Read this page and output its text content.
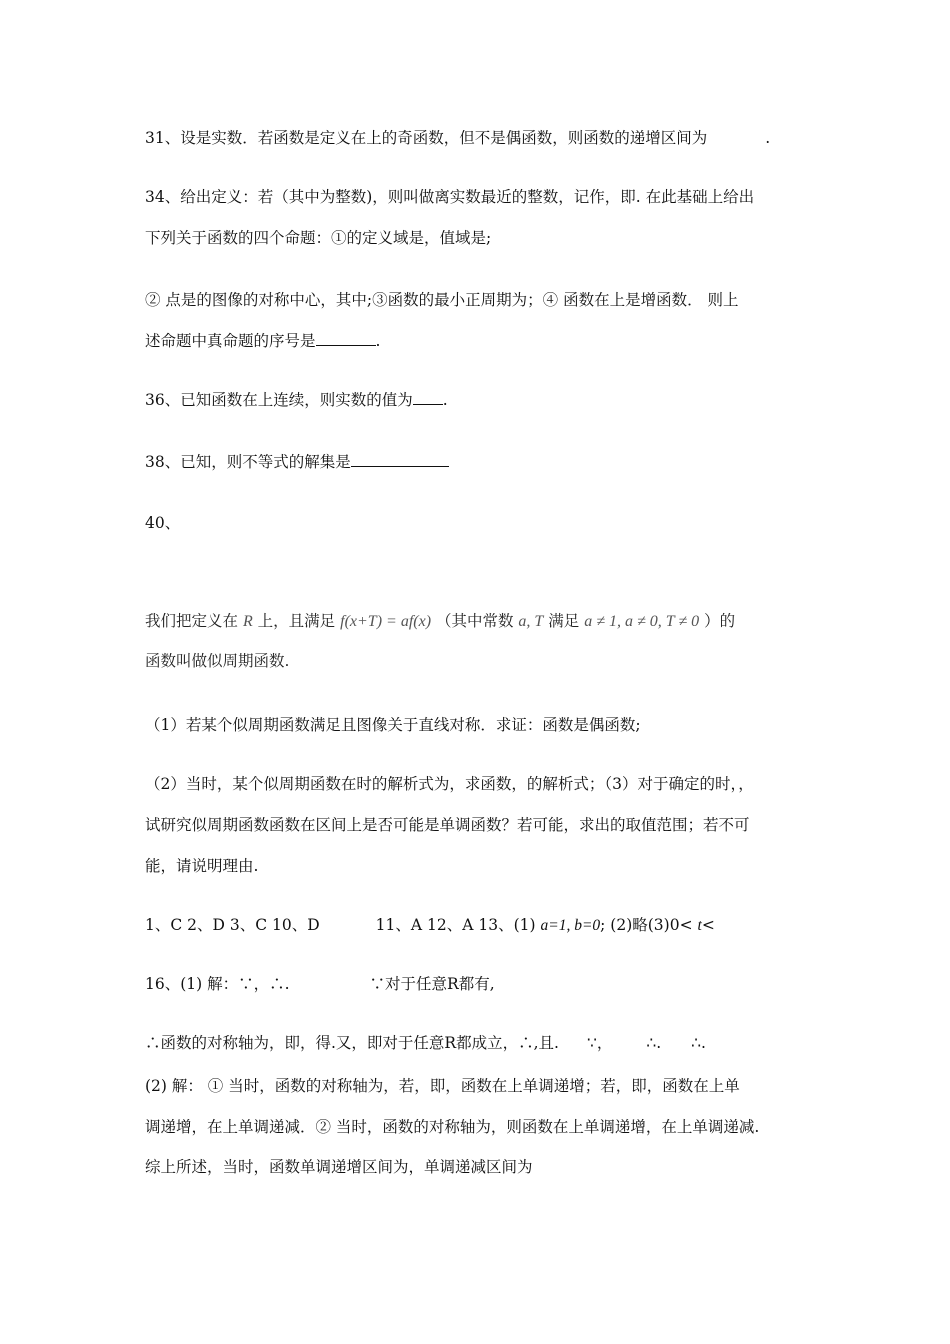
31、设是实数．若函数是定义在上的奇函数，但不是偶函数，则函数的递增区间为	.
34、给出定义：若（其中为整数)，则叫做离实数最近的整数，记作，即. 在此基础上给出
下列关于函数的四个命题：①的定义域是，值域是;
② 点是的图像的对称中心，其中;③函数的最小正周期为；④ 函数在上是增函数． 则上
述命题中真命题的序号是	.
36、已知函数在上连续，则实数的值为 .
38、已知，则不等式的解集是
40、
我们把定义在 R 上，且满足 f(x+T) = af(x) （其中常数 a, T 满足 a ≠ 1, a ≠ 0, T ≠ 0 ）的
函数叫做似周期函数.
（1）若某个似周期函数满足且图像关于直线对称．求证：函数是偶函数;
（2）当时，某个似周期函数在时的解析式为，求函数，的解析式；（3）对于确定的时，，
试研究似周期函数函数在区间上是否可能是单调函数？若可能，求出的取值范围；若不可
能，请说明理由.
1、C 2、D 3、C 10、D	11、A 12、A 13、(1) a=1, b=0; (2)略(3)0< t<
16、(1) 解：∵，∴.	∵对于任意R都有,
∴函数的对称轴为，即，得.又，即对于任意R都成立，∴,且. ∵， ∴. ∴.
(2) 解： ① 当时，函数的对称轴为，若，即，函数在上单调递增；若，即，函数在上单
调递增，在上单调递减．② 当时，函数的对称轴为，则函数在上单调递增，在上单调递减.
综上所述，当时，函数单调递增区间为，单调递减区间为
